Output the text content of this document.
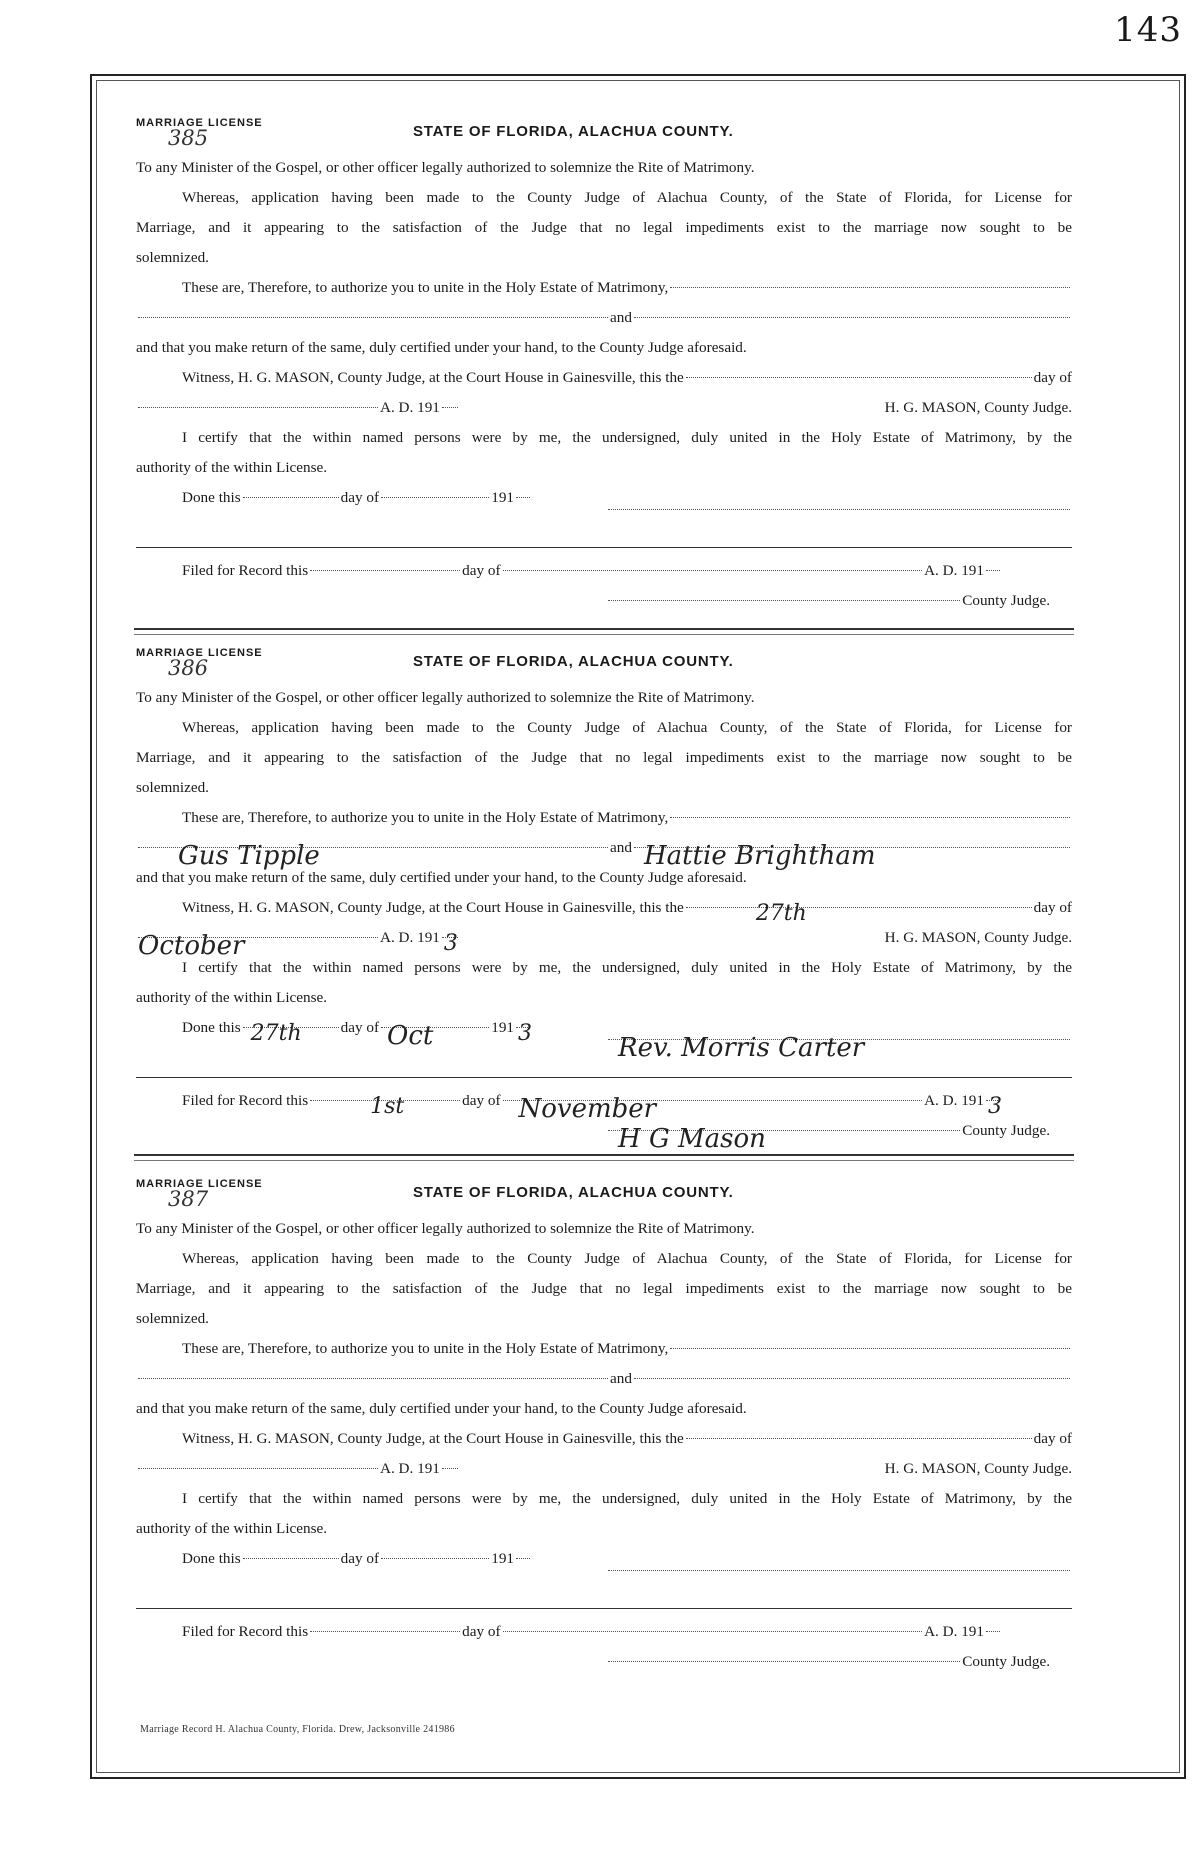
143
MARRIAGE LICENSE
385	STATE OF FLORIDA, ALACHUA COUNTY.
To any Minister of the Gospel, or other officer legally authorized to solemnize the Rite of Matrimony.
Whereas, application having been made to the County Judge of Alachua County, of the State of Florida, for License for
Marriage, and it appearing to the satisfaction of the Judge that no legal impediments exist to the marriage now sought to be
solemnized.
These are, Therefore, to authorize you to unite in the Holy Estate of Matrimony,
and
and that you make return of the same, duly certified under your hand, to the County Judge aforesaid.
Witness, H. G. MASON, County Judge, at the Court House in Gainesville, this the	day of
A. D. 191	H. G. MASON, County Judge.
I certify that the within named persons were by me, the undersigned, duly united in the Holy Estate of Matrimony, by the
authority of the within License.
Done this	day of	191
Filed for Record this	day of	A. D. 191
County Judge.
MARRIAGE LICENSE
386	STATE OF FLORIDA, ALACHUA COUNTY.
To any Minister of the Gospel, or other officer legally authorized to solemnize the Rite of Matrimony.
Whereas, application having been made to the County Judge of Alachua County, of the State of Florida, for License for
Marriage, and it appearing to the satisfaction of the Judge that no legal impediments exist to the marriage now sought to be
solemnized.
These are, Therefore, to authorize you to unite in the Holy Estate of Matrimony,
Gus Tipple	and Hattie Brightham
and that you make return of the same, duly certified under your hand, to the County Judge aforesaid.
Witness, H. G. MASON, County Judge, at the Court House in Gainesville, this the	27th	day of
October	A. D. 191 3	H. G. MASON, County Judge.
I certify that the within named persons were by me, the undersigned, duly united in the Holy Estate of Matrimony, by the
authority of the within License.
Done this 27th	day of Oct	191 3	Rev. Morris Carter
Filed for Record this	1st	day of November	A. D. 191 3
H G Mason	County Judge.
MARRIAGE LICENSE
387	STATE OF FLORIDA, ALACHUA COUNTY.
To any Minister of the Gospel, or other officer legally authorized to solemnize the Rite of Matrimony.
Whereas, application having been made to the County Judge of Alachua County, of the State of Florida, for License for
Marriage, and it appearing to the satisfaction of the Judge that no legal impediments exist to the marriage now sought to be
solemnized.
These are, Therefore, to authorize you to unite in the Holy Estate of Matrimony,
and
and that you make return of the same, duly certified under your hand, to the County Judge aforesaid.
Witness, H. G. MASON, County Judge, at the Court House in Gainesville, this the	day of
A. D. 191	H. G. MASON, County Judge.
I certify that the within named persons were by me, the undersigned, duly united in the Holy Estate of Matrimony, by the
authority of the within License.
Done this	day of	191
Filed for Record this	day of	A. D. 191
County Judge.
Marriage Record H. Alachua County, Florida. Drew, Jacksonville 241986
